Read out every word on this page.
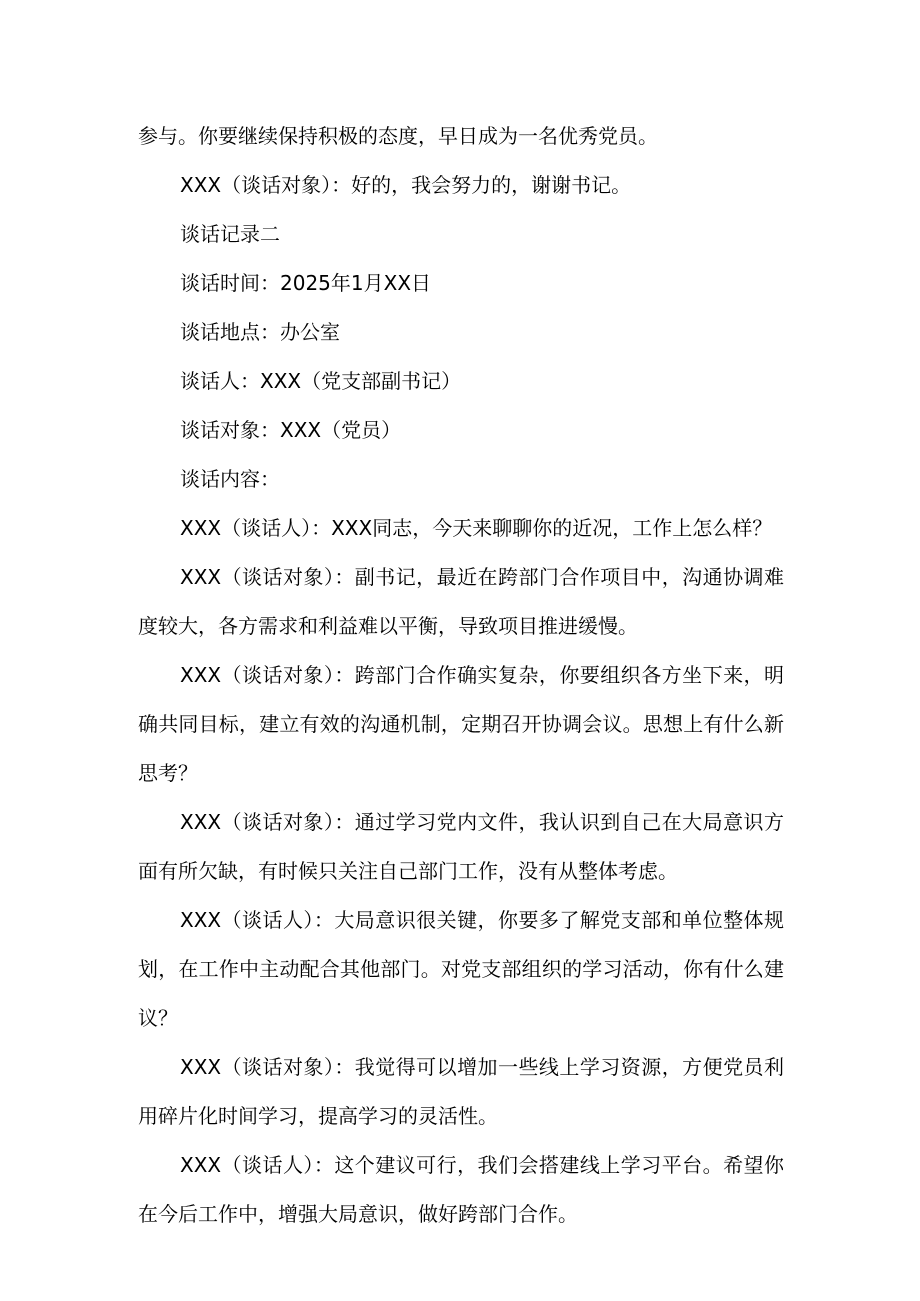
参与。你要继续保持积极的态度，早日成为一名优秀党员。

XXX（谈话对象）：好的，我会努力的，谢谢书记。

谈话记录二

谈话时间：2025年1月XX日

谈话地点：办公室

谈话人：XXX（党支部副书记）

谈话对象：XXX（党员）

谈话内容：

XXX（谈话人）：XXX同志，今天来聊聊你的近况，工作上怎么样？

XXX（谈话对象）：副书记，最近在跨部门合作项目中，沟通协调难度较大，各方需求和利益难以平衡，导致项目推进缓慢。

XXX（谈话对象）：跨部门合作确实复杂，你要组织各方坐下来，明确共同目标，建立有效的沟通机制，定期召开协调会议。思想上有什么新思考？

XXX（谈话对象）：通过学习党内文件，我认识到自己在大局意识方面有所欠缺，有时候只关注自己部门工作，没有从整体考虑。

XXX（谈话人）：大局意识很关键，你要多了解党支部和单位整体规划，在工作中主动配合其他部门。对党支部组织的学习活动，你有什么建议？

XXX（谈话对象）：我觉得可以增加一些线上学习资源，方便党员利用碎片化时间学习，提高学习的灵活性。

XXX（谈话人）：这个建议可行，我们会搭建线上学习平台。希望你在今后工作中，增强大局意识，做好跨部门合作。
